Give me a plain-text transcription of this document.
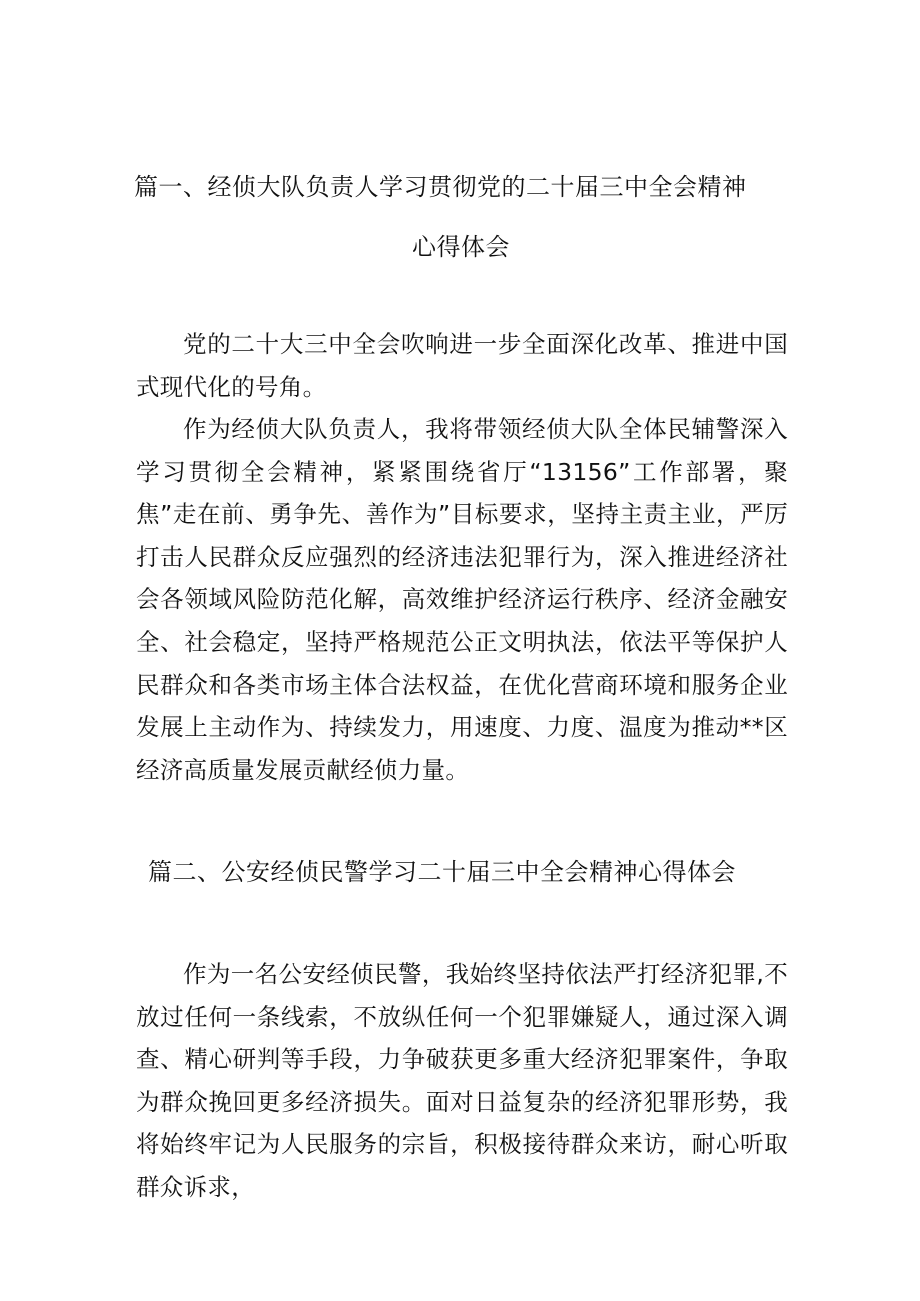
篇一、经侦大队负责人学习贯彻党的二十届三中全会精神
心得体会

党的二十大三中全会吹响进一步全面深化改革、推进中国式现代化的号角。

作为经侦大队负责人，我将带领经侦大队全体民辅警深入学习贯彻全会精神，紧紧围绕省厅“13156”工作部署，聚焦”走在前、勇争先、善作为”目标要求，坚持主责主业，严厉打击人民群众反应强烈的经济违法犯罪行为，深入推进经济社会各领域风险防范化解，高效维护经济运行秩序、经济金融安全、社会稳定，坚持严格规范公正文明执法，依法平等保护人民群众和各类市场主体合法权益，在优化营商环境和服务企业发展上主动作为、持续发力，用速度、力度、温度为推动**区经济高质量发展贡献经侦力量。

篇二、公安经侦民警学习二十届三中全会精神心得体会

作为一名公安经侦民警，我始终坚持依法严打经济犯罪,不放过任何一条线索，不放纵任何一个犯罪嫌疑人，通过深入调查、精心研判等手段，力争破获更多重大经济犯罪案件，争取为群众挽回更多经济损失。面对日益复杂的经济犯罪形势，我将始终牢记为人民服务的宗旨，积极接待群众来访，耐心听取群众诉求，
